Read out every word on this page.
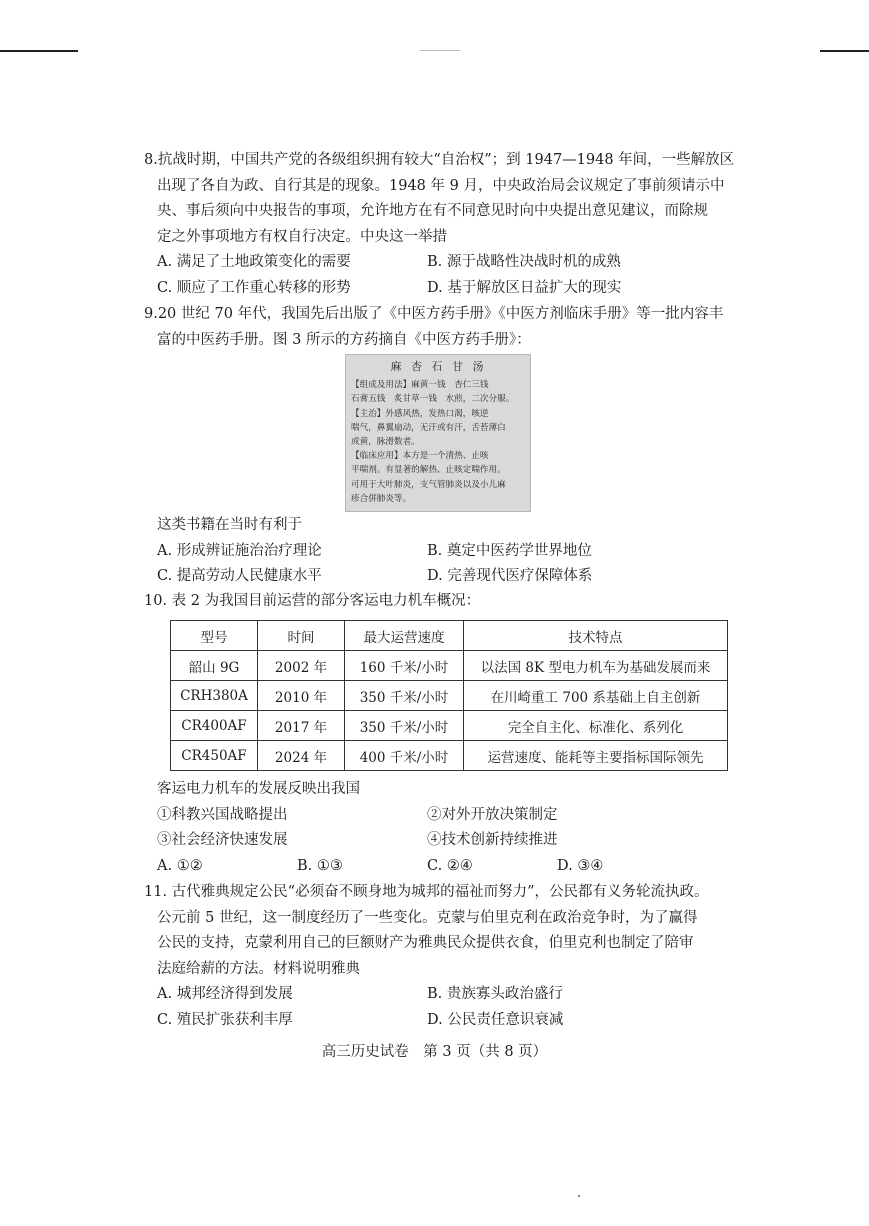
8.抗战时期，中国共产党的各级组织拥有较大“自治权”；到 1947—1948 年间，一些解放区

出现了各自为政、自行其是的现象。1948 年 9 月，中央政治局会议规定了事前须请示中

央、事后须向中央报告的事项，允许地方在有不同意见时向中央提出意见建议，而除规

定之外事项地方有权自行决定。中央这一举措

A. 满足了土地政策变化的需要	B. 源于战略性决战时机的成熟
C. 顺应了工作重心转移的形势	D. 基于解放区日益扩大的现实

9.20 世纪 70 年代，我国先后出版了《中医方药手册》《中医方剂临床手册》等一批内容丰

富的中医药手册。图 3 所示的方药摘自《中医方药手册》：

麻 杏 石 甘 汤

【组成及用法】麻黄一钱　杏仁三钱

石膏五钱　炙甘草一钱　水煎，二次分服。

【主治】外感风热，发热口渴，咳逆

喘气，鼻翼扇动，无汗或有汗，舌苔薄白

或黄，脉滑数者。

【临床应用】本方是一个清热、止咳

平喘剂。有显著的解热、止咳定喘作用。

可用于大叶肺炎，支气管肺炎以及小儿麻

疹合併肺炎等。

这类书籍在当时有利于

A. 形成辨证施治治疗理论	B. 奠定中医药学世界地位
C. 提高劳动人民健康水平	D. 完善现代医疗保障体系

10. 表 2 为我国目前运营的部分客运电力机车概况：

型号	时间	最大运营速度	技术特点
韶山 9G	2002 年	160 千米/小时	以法国 8K 型电力机车为基础发展而来
CRH380A	2010 年	350 千米/小时	在川崎重工 700 系基础上自主创新
CR400AF	2017 年	350 千米/小时	完全自主化、标准化、系列化
CR450AF	2024 年	400 千米/小时	运营速度、能耗等主要指标国际领先

客运电力机车的发展反映出我国

①科教兴国战略提出	②对外开放决策制定
③社会经济快速发展	④技术创新持续推进
A. ①②	B. ①③	C. ②④	D. ③④

11. 古代雅典规定公民“必须奋不顾身地为城邦的福祉而努力”，公民都有义务轮流执政。

公元前 5 世纪，这一制度经历了一些变化。克蒙与伯里克利在政治竞争时，为了赢得

公民的支持，克蒙利用自己的巨额财产为雅典民众提供衣食，伯里克利也制定了陪审

法庭给薪的方法。材料说明雅典

A. 城邦经济得到发展	B. 贵族寡头政治盛行
C. 殖民扩张获利丰厚	D. 公民责任意识衰减
高三历史试卷　第 3 页（共 8 页）
